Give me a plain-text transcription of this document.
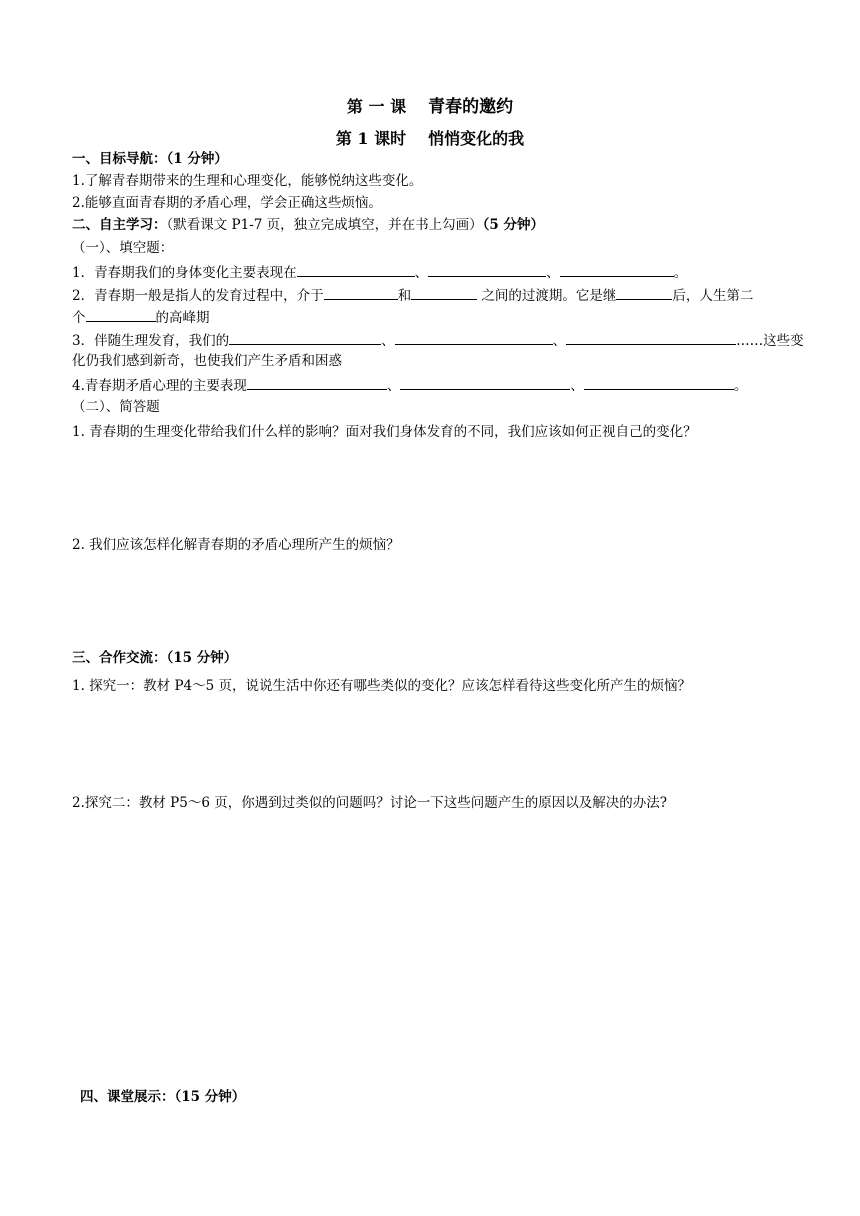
第 一 课 青春的邀约
第 1 课时 悄悄变化的我
一、目标导航：（1 分钟）
1.了解青春期带来的生理和心理变化，能够悦纳这些变化。
2.能够直面青春期的矛盾心理，学会正确这些烦恼。
二、自主学习：（默看课文 P1-7 页，独立完成填空，并在书上勾画）（5 分钟）
（一）、填空题：
1．青春期我们的身体变化主要表现在	、	、	。
2．青春期一般是指人的发育过程中，介于	和	之间的过渡期。它是继	后，人生第二
个	的高峰期
3．伴随生理发育，我们的	、	、	……这些变
化仍我们感到新奇，也使我们产生矛盾和困惑
4.青春期矛盾心理的主要表现	、	、	。
（二）、简答题
1. 青春期的生理变化带给我们什么样的影响？面对我们身体发育的不同，我们应该如何正视自己的变化？
2. 我们应该怎样化解青春期的矛盾心理所产生的烦恼？
三、合作交流：（15 分钟）
1. 探究一：教材 P4～5 页，说说生活中你还有哪些类似的变化？应该怎样看待这些变化所产生的烦恼？
2.探究二：教材 P5～6 页，你遇到过类似的问题吗？讨论一下这些问题产生的原因以及解决的办法?
四、课堂展示：（15 分钟）
